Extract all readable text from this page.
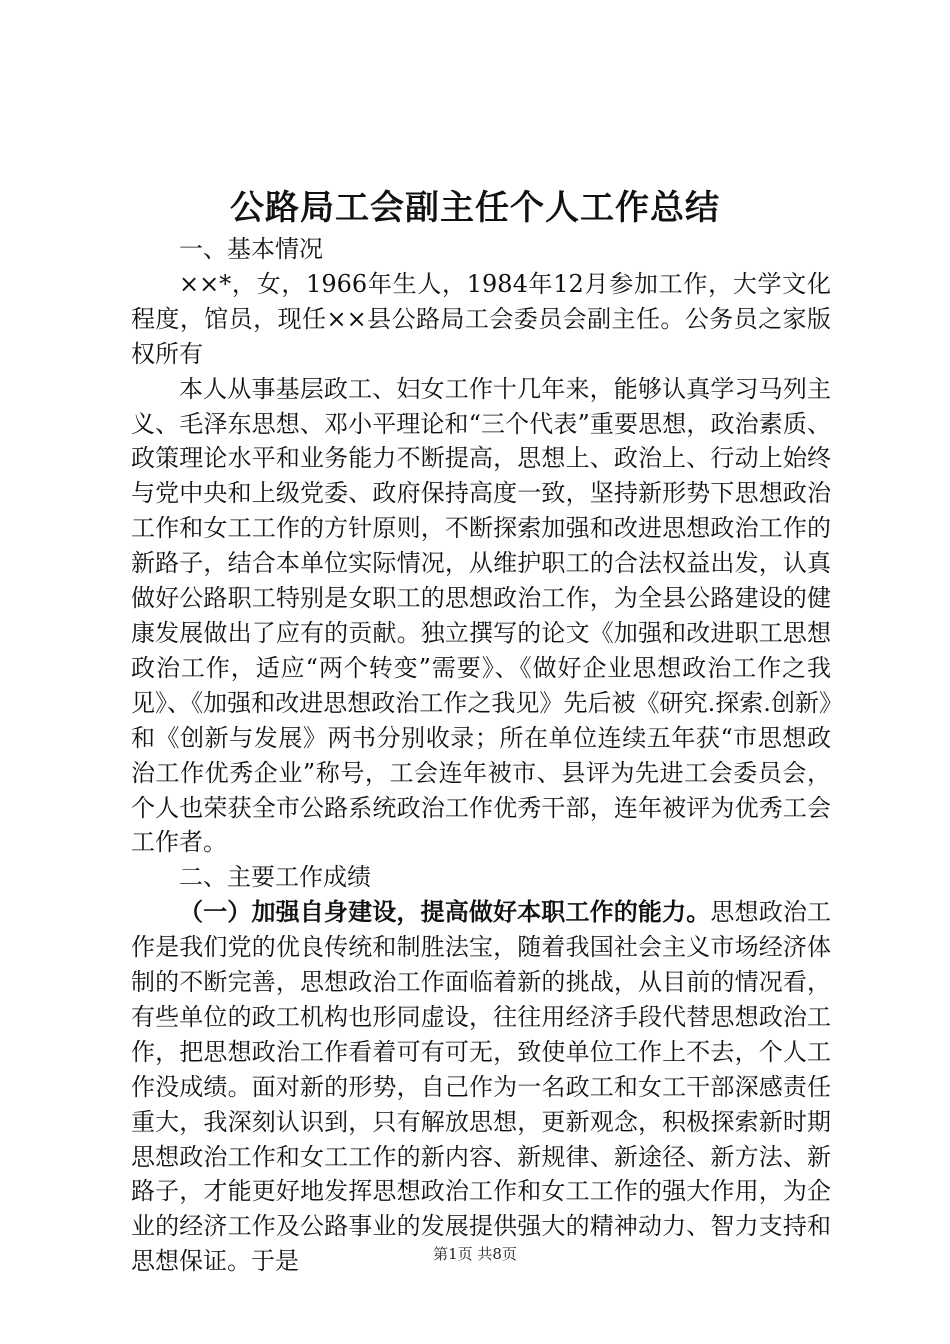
公路局工会副主任个人工作总结

一、基本情况

××*，女，1966年生人，1984年12月参加工作，大学文化程度，馆员，现任××县公路局工会委员会副主任。公务员之家版权所有

本人从事基层政工、妇女工作十几年来，能够认真学习马列主义、毛泽东思想、邓小平理论和“三个代表”重要思想，政治素质、政策理论水平和业务能力不断提高，思想上、政治上、行动上始终与党中央和上级党委、政府保持高度一致，坚持新形势下思想政治工作和女工工作的方针原则，不断探索加强和改进思想政治工作的新路子，结合本单位实际情况，从维护职工的合法权益出发，认真做好公路职工特别是女职工的思想政治工作，为全县公路建设的健康发展做出了应有的贡献。独立撰写的论文《加强和改进职工思想政治工作，适应“两个转变”需要》、《做好企业思想政治工作之我见》、《加强和改进思想政治工作之我见》先后被《研究.探索.创新》和《创新与发展》两书分别收录；所在单位连续五年获“市思想政治工作优秀企业”称号，工会连年被市、县评为先进工会委员会，个人也荣获全市公路系统政治工作优秀干部，连年被评为优秀工会工作者。

二、主要工作成绩

（一）加强自身建设，提高做好本职工作的能力。思想政治工作是我们党的优良传统和制胜法宝，随着我国社会主义市场经济体制的不断完善，思想政治工作面临着新的挑战，从目前的情况看，有些单位的政工机构也形同虚设，往往用经济手段代替思想政治工作，把思想政治工作看着可有可无，致使单位工作上不去，个人工作没成绩。面对新的形势，自己作为一名政工和女工干部深感责任重大，我深刻认识到，只有解放思想，更新观念，积极探索新时期思想政治工作和女工工作的新内容、新规律、新途径、新方法、新路子，才能更好地发挥思想政治工作和女工工作的强大作用，为企业的经济工作及公路事业的发展提供强大的精神动力、智力支持和思想保证。于是	第1页 共8页
